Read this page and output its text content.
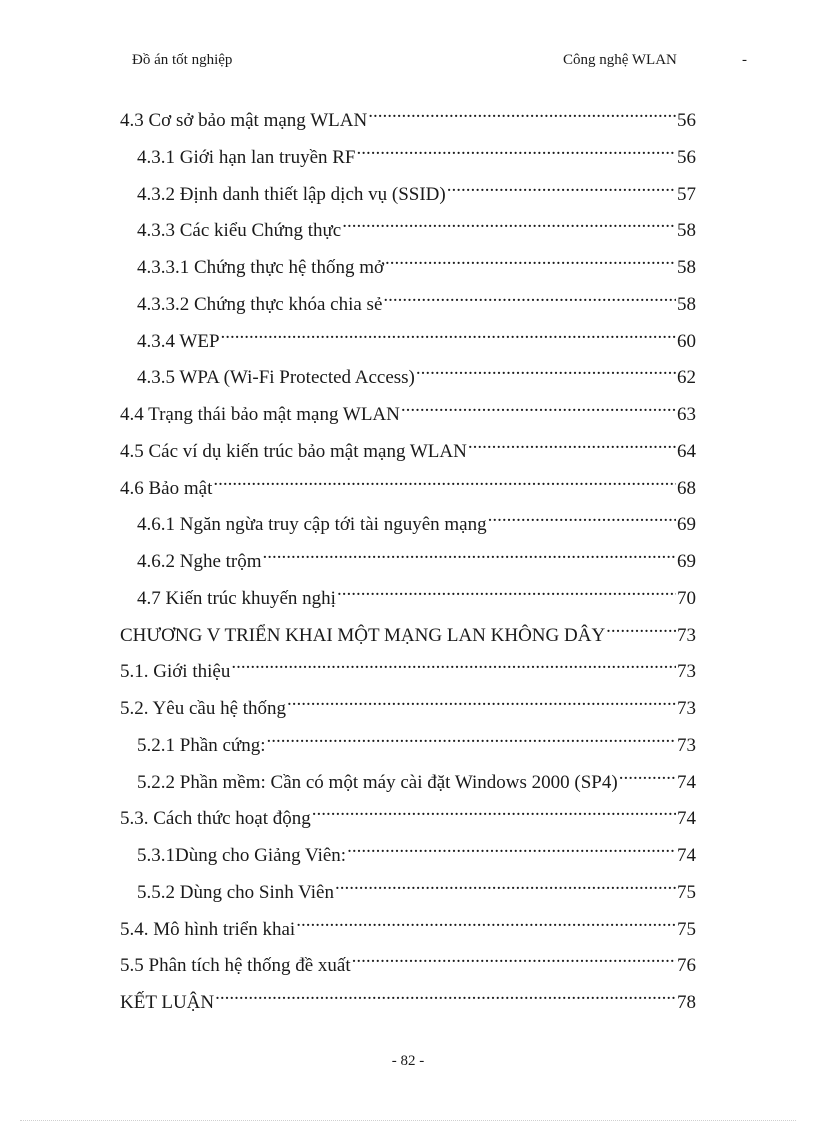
Đồ án tốt nghiệp	Công nghệ WLAN	-
4.3 Cơ sở bảo mật mạng WLAN .....	56
4.3.1 Giới hạn lan truyền RF .....	56
4.3.2 Định danh thiết lập dịch vụ (SSID) .....	57
4.3.3 Các kiểu Chứng thực .....	58
4.3.3.1 Chứng thực hệ thống mở .....	58
4.3.3.2 Chứng thực khóa chia sẻ .....	58
4.3.4 WEP .....	60
4.3.5 WPA (Wi-Fi Protected Access) .....	62
4.4 Trạng thái bảo mật mạng WLAN .....	63
4.5 Các ví dụ kiến trúc bảo mật mạng WLAN .....	64
4.6 Bảo mật .....	68
4.6.1 Ngăn ngừa truy cập tới tài nguyên mạng .....	69
4.6.2 Nghe trộm .....	69
4.7 Kiến trúc khuyến nghị .....	70
CHƯƠNG V TRIỂN KHAI MỘT MẠNG LAN KHÔNG DÂY .....	73
5.1. Giới thiệu .....	73
5.2. Yêu cầu hệ thống .....	73
5.2.1 Phần cứng: .....	73
5.2.2 Phần mềm: Cần có một máy cài đặt Windows 2000 (SP4) .....	74
5.3. Cách thức hoạt động .....	74
5.3.1Dùng cho Giảng Viên: .....	74
5.5.2 Dùng cho Sinh Viên .....	75
5.4. Mô hình triển khai .....	75
5.5 Phân tích hệ thống đề xuất .....	76
KẾT LUẬN .....	78
- 82 -
